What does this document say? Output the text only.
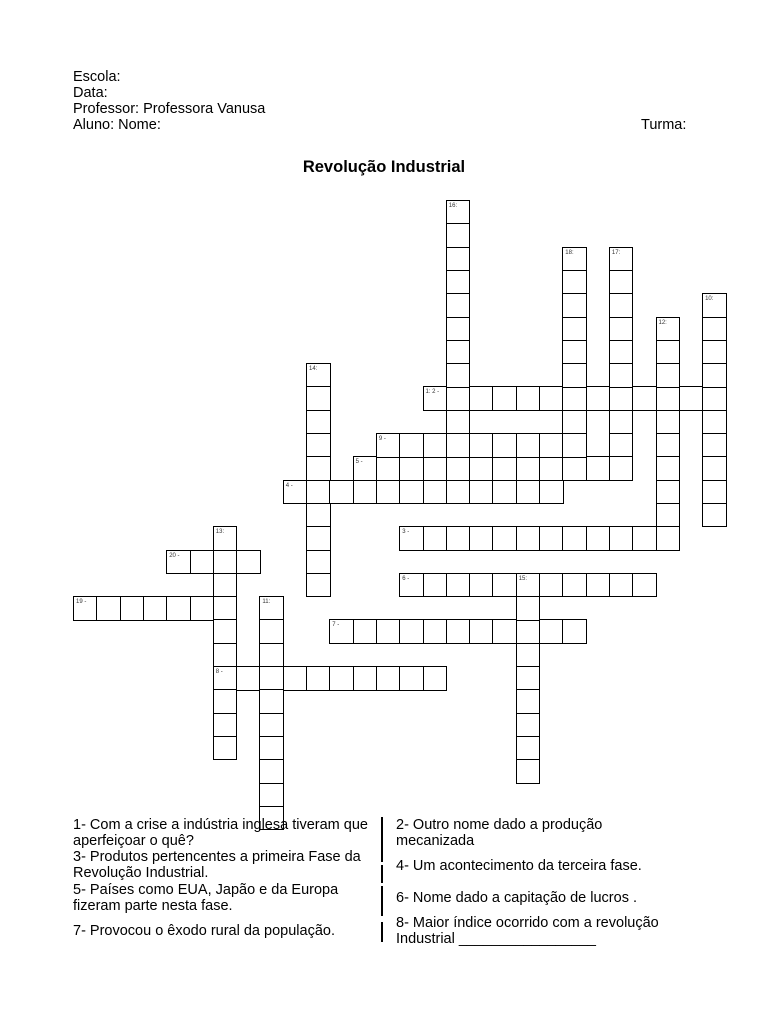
Escola:
Data:
Professor: Professora Vanusa
Aluno: Nome:	Turma:
Revolução Industrial
1: 2 -
3 -
4 -
5 -
6 -	15:
7 -
8 -
9 -
10:
11:
12:
13:
14:
16:
17:
18:
19 -
20 -
1- Com a crise a indústria inglesa tiveram que aperfeiçoar o quê?
3- Produtos pertencentes a primeira Fase da Revolução Industrial.
5- Países como EUA, Japão e da Europa fizeram parte nesta fase.
7- Provocou o êxodo rural da população.
2- Outro nome dado a produção mecanizada
4- Um acontecimento da terceira fase.
6- Nome dado a capitação de lucros .
8- Maior índice ocorrido com a revolução Industrial _________________
